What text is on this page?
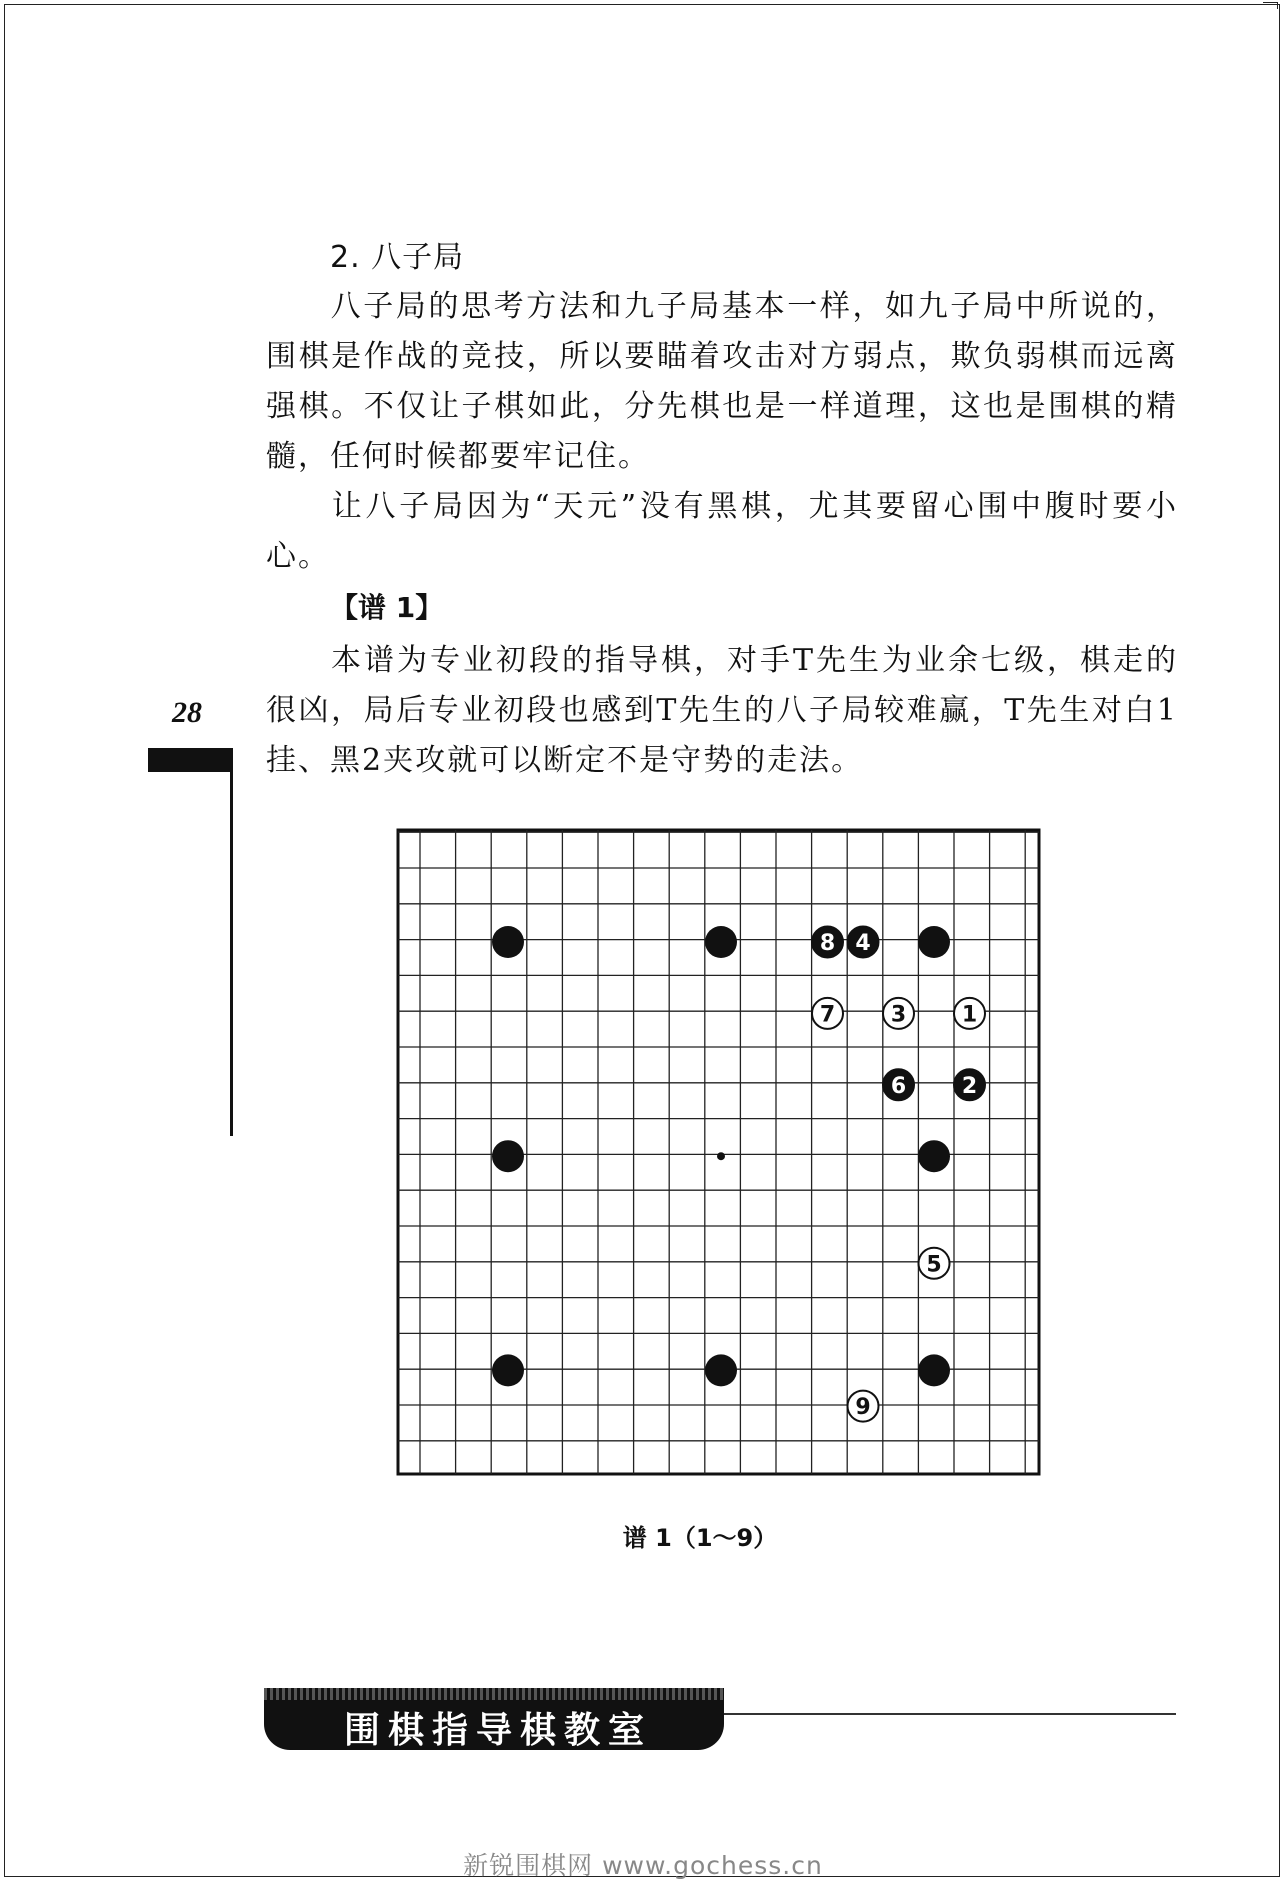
2. 八子局
八子局的思考方法和九子局基本一样，如九子局中所说的，围棋是作战的竞技，所以要瞄着攻击对方弱点，欺负弱棋而远离强棋。不仅让子棋如此，分先棋也是一样道理，这也是围棋的精髓，任何时候都要牢记住。
让八子局因为“天元”没有黑棋，尤其要留心围中腹时要小心。
【谱 1】
本谱为专业初段的指导棋，对手T先生为业余七级，棋走的很凶，局后专业初段也感到T先生的八子局较难赢，T先生对白1挂、黑2夹攻就可以断定不是守势的走法。
28
1
2
3
4
5
6
7
8
9
谱 1（1～9）
围棋指导棋教室
新锐围棋网 www.gochess.cn
